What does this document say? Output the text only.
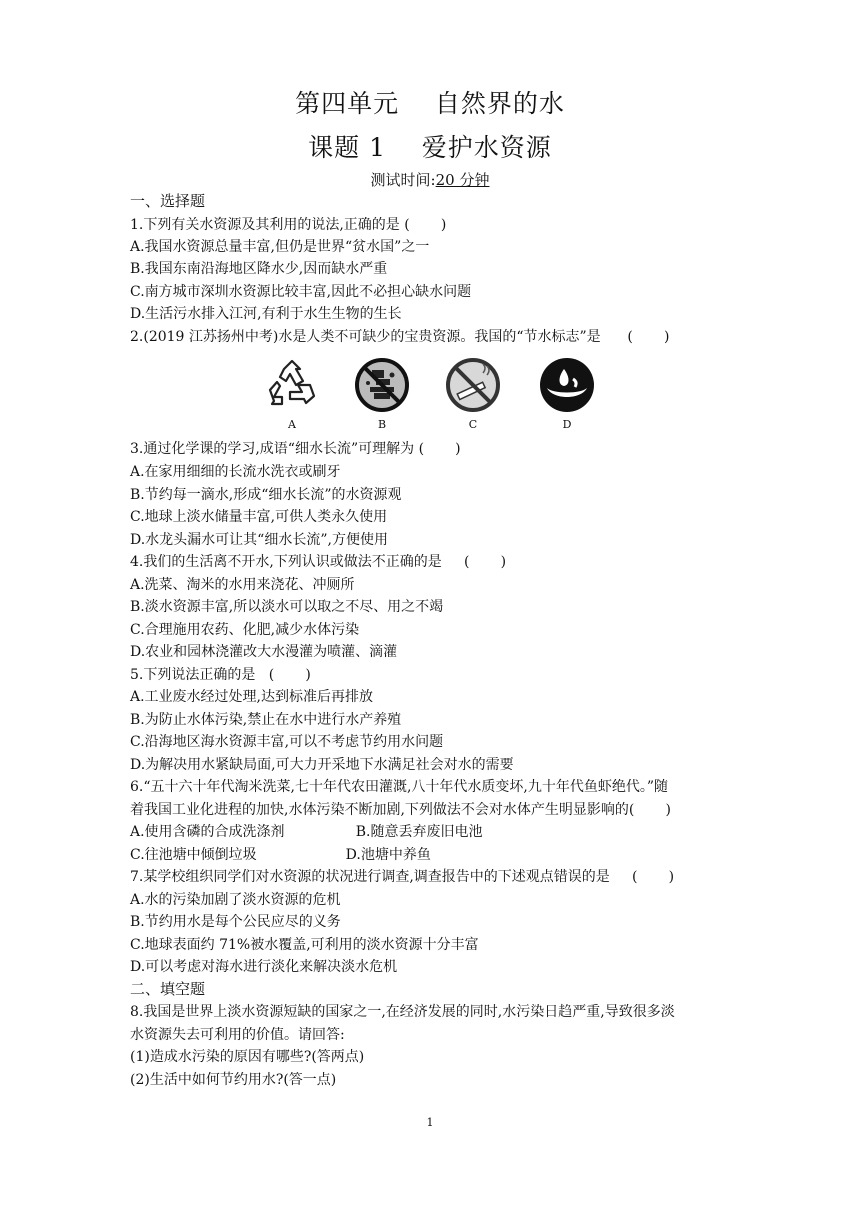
第四单元    自然界的水
课题 1    爱护水资源
测试时间:20 分钟
一、选择题
1.下列有关水资源及其利用的说法,正确的是 (       )
A.我国水资源总量丰富,但仍是世界“贫水国”之一
B.我国东南沿海地区降水少,因而缺水严重
C.南方城市深圳水资源比较丰富,因此不必担心缺水问题
D.生活污水排入江河,有利于水生生物的生长
2.(2019 江苏扬州中考)水是人类不可缺少的宝贵资源。我国的“节水标志”是      (       )
A	B	C	D
3.通过化学课的学习,成语“细水长流”可理解为 (       )
A.在家用细细的长流水洗衣或刷牙
B.节约每一滴水,形成“细水长流”的水资源观
C.地球上淡水储量丰富,可供人类永久使用
D.水龙头漏水可让其“细水长流”,方便使用
4.我们的生活离不开水,下列认识或做法不正确的是     (       )
A.洗菜、淘米的水用来浇花、冲厕所
B.淡水资源丰富,所以淡水可以取之不尽、用之不竭
C.合理施用农药、化肥,减少水体污染
D.农业和园林浇灌改大水漫灌为喷灌、滴灌
5.下列说法正确的是   (       )
A.工业废水经过处理,达到标准后再排放
B.为防止水体污染,禁止在水中进行水产养殖
C.沿海地区海水资源丰富,可以不考虑节约用水问题
D.为解决用水紧缺局面,可大力开采地下水满足社会对水的需要
6.“五十六十年代淘米洗菜,七十年代农田灌溉,八十年代水质变坏,九十年代鱼虾绝代。”随
着我国工业化进程的加快,水体污染不断加剧,下列做法不会对水体产生明显影响的(       )
A.使用含磷的合成洗涤剂                B.随意丢弃废旧电池
C.往池塘中倾倒垃圾                    D.池塘中养鱼
7.某学校组织同学们对水资源的状况进行调查,调查报告中的下述观点错误的是     (       )
A.水的污染加剧了淡水资源的危机
B.节约用水是每个公民应尽的义务
C.地球表面约 71%被水覆盖,可利用的淡水资源十分丰富
D.可以考虑对海水进行淡化来解决淡水危机
二、填空题
8.我国是世界上淡水资源短缺的国家之一,在经济发展的同时,水污染日趋严重,导致很多淡
水资源失去可利用的价值。请回答:
(1)造成水污染的原因有哪些?(答两点)
(2)生活中如何节约用水?(答一点)
1
